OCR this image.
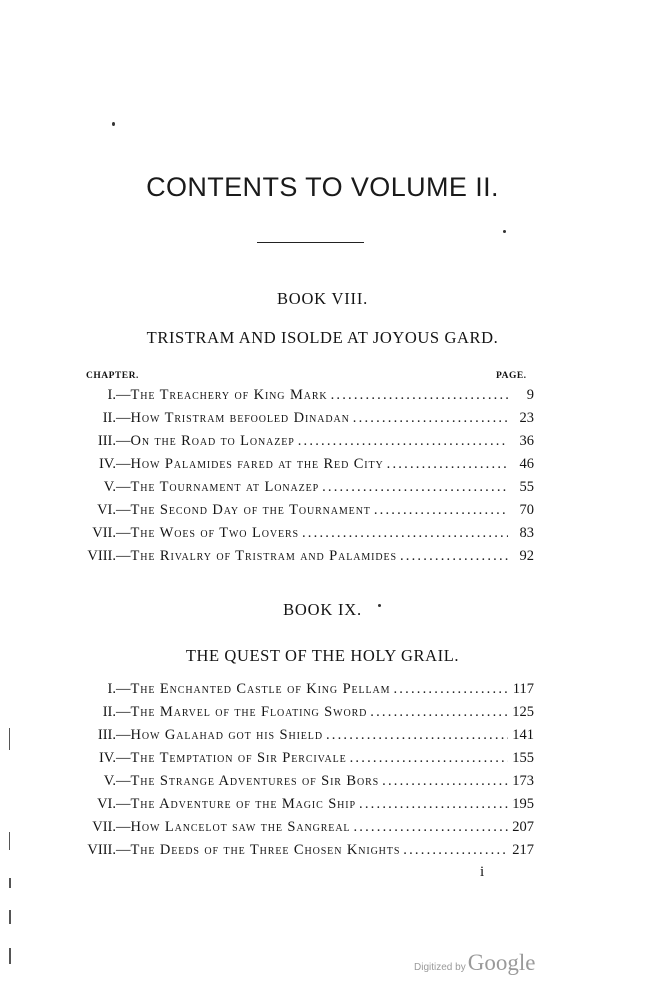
CONTENTS TO VOLUME II.
BOOK VIII.
TRISTRAM AND ISOLDE AT JOYOUS GARD.
CHAPTER.	PAGE.
I. — The Treachery of King Mark .....	9
II. — How Tristram befooled Dinadan .....	23
III. — On the Road to Lonazep .....	36
IV. — How Palamides fared at the Red City .....	46
V. — The Tournament at Lonazep .....	55
VI. — The Second Day of the Tournament .....	70
VII. — The Woes of Two Lovers .....	83
VIII. — The Rivalry of Tristram and Palamides .....	92
BOOK IX.
THE QUEST OF THE HOLY GRAIL.
I. — The Enchanted Castle of King Pellam .....	117
II. — The Marvel of the Floating Sword .....	125
III. — How Galahad got his Shield .....	141
IV. — The Temptation of Sir Percivale .....	155
V. — The Strange Adventures of Sir Bors .....	173
VI. — The Adventure of the Magic Ship .....	195
VII. — How Lancelot saw the Sangreal .....	207
VIII. — The Deeds of the Three Chosen Knights .....	217
i
Digitized byGoogle
